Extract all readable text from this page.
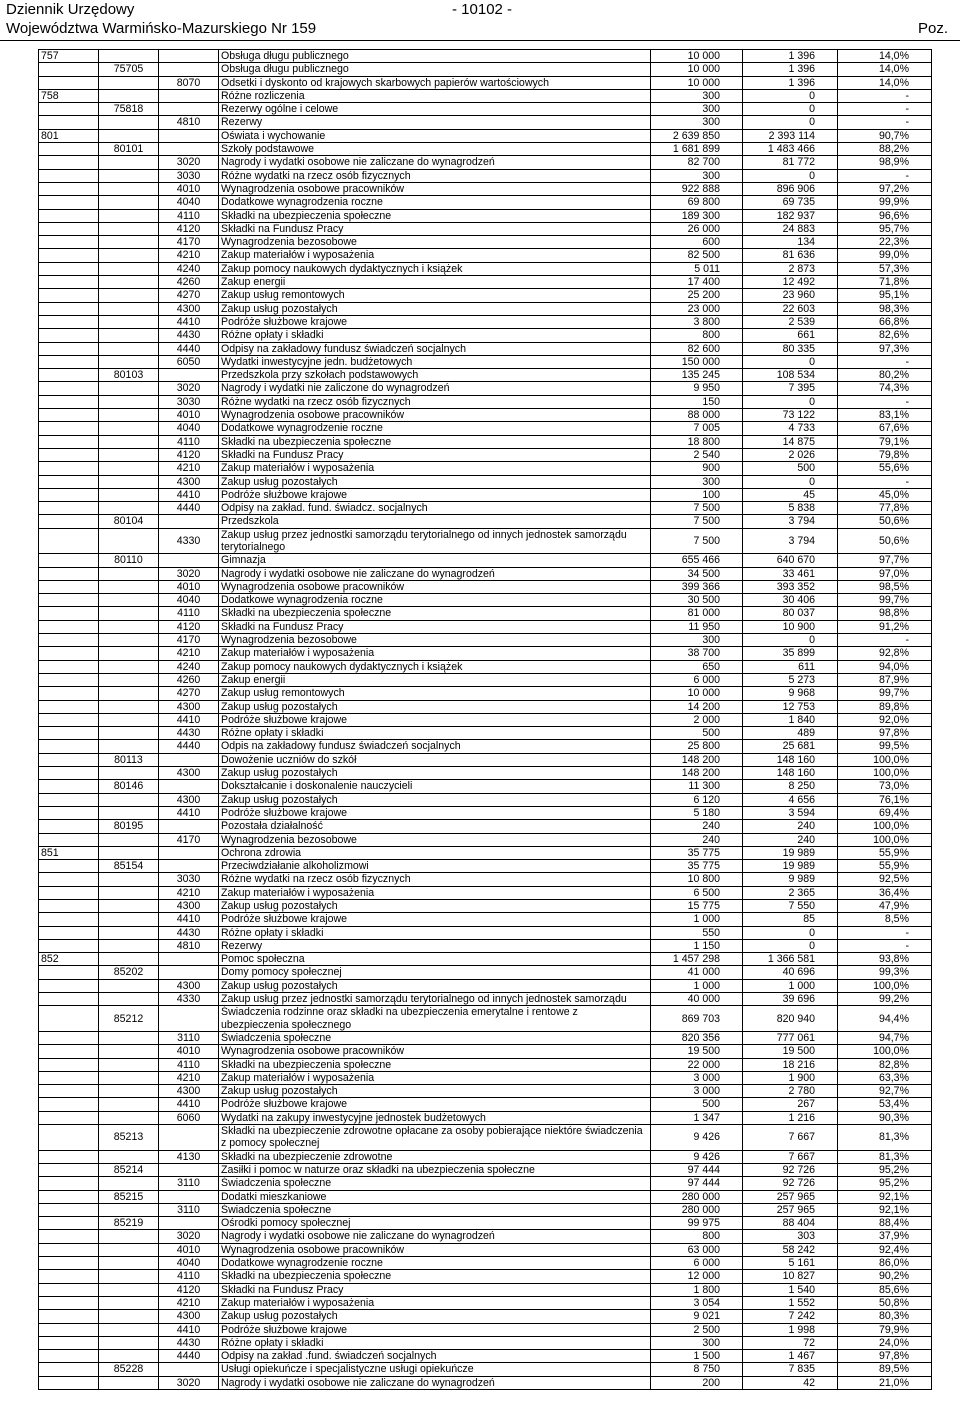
Dziennik Urzędowy
Województwa Warmińsko-Mazurskiego Nr 159
- 10102 -
Poz.
757			Obsługa długu publicznego	10 000	1 396	14,0%
	75705		Obsługa długu publicznego	10 000	1 396	14,0%
		8070	Odsetki i dyskonto od krajowych skarbowych papierów wartościowych	10 000	1 396	14,0%
758			Różne rozliczenia	300	0	-
	75818		Rezerwy ogólne i celowe	300	0	-
		4810	Rezerwy	300	0	-
801			Oświata i wychowanie	2 639 850	2 393 114	90,7%
	80101		Szkoły podstawowe	1 681 899	1 483 466	88,2%
		3020	Nagrody i wydatki osobowe nie zaliczane do wynagrodzeń	82 700	81 772	98,9%
		3030	Różne wydatki na rzecz osób fizycznych	300	0	-
		4010	Wynagrodzenia osobowe pracowników	922 888	896 906	97,2%
		4040	Dodatkowe wynagrodzenia roczne	69 800	69 735	99,9%
		4110	Składki na ubezpieczenia społeczne	189 300	182 937	96,6%
		4120	Składki na Fundusz Pracy	26 000	24 883	95,7%
		4170	Wynagrodzenia bezosobowe	600	134	22,3%
		4210	Zakup materiałów i wyposażenia	82 500	81 636	99,0%
		4240	Zakup pomocy naukowych dydaktycznych i książek	5 011	2 873	57,3%
		4260	Zakup energii	17 400	12 492	71,8%
		4270	Zakup usług remontowych	25 200	23 960	95,1%
		4300	Zakup usług pozostałych	23 000	22 603	98,3%
		4410	Podróże służbowe krajowe	3 800	2 539	66,8%
		4430	Różne opłaty i składki	800	661	82,6%
		4440	Odpisy na zakładowy fundusz świadczeń socjalnych	82 600	80 335	97,3%
		6050	Wydatki inwestycyjne jedn. budżetowych	150 000	0	-
	80103		Przedszkola przy szkołach podstawowych	135 245	108 534	80,2%
		3020	Nagrody i wydatki nie zaliczone do wynagrodzeń	9 950	7 395	74,3%
		3030	Różne wydatki na rzecz osób fizycznych	150	0	-
		4010	Wynagrodzenia osobowe pracowników	88 000	73 122	83,1%
		4040	Dodatkowe wynagrodzenie roczne	7 005	4 733	67,6%
		4110	Składki na ubezpieczenia społeczne	18 800	14 875	79,1%
		4120	Składki na Fundusz Pracy	2 540	2 026	79,8%
		4210	Zakup materiałów i wyposażenia	900	500	55,6%
		4300	Zakup usług pozostałych	300	0	-
		4410	Podróże służbowe krajowe	100	45	45,0%
		4440	Odpisy na zakład. fund. świadcz. socjalnych	7 500	5 838	77,8%
	80104		Przedszkola	7 500	3 794	50,6%
		4330	Zakup usług przez jednostki samorządu terytorialnego od innych jednostek samorządu terytorialnego	7 500	3 794	50,6%
	80110		Gimnazja	655 466	640 670	97,7%
		3020	Nagrody i wydatki osobowe nie zaliczane do wynagrodzeń	34 500	33 461	97,0%
		4010	Wynagrodzenia osobowe pracowników	399 366	393 352	98,5%
		4040	Dodatkowe wynagrodzenia roczne	30 500	30 406	99,7%
		4110	Składki na ubezpieczenia społeczne	81 000	80 037	98,8%
		4120	Składki na Fundusz Pracy	11 950	10 900	91,2%
		4170	Wynagrodzenia bezosobowe	300	0	-
		4210	Zakup materiałów i wyposażenia	38 700	35 899	92,8%
		4240	Zakup pomocy naukowych dydaktycznych i książek	650	611	94,0%
		4260	Zakup energii	6 000	5 273	87,9%
		4270	Zakup usług remontowych	10 000	9 968	99,7%
		4300	Zakup usług pozostałych	14 200	12 753	89,8%
		4410	Podróże służbowe krajowe	2 000	1 840	92,0%
		4430	Różne opłaty i składki	500	489	97,8%
		4440	Odpis na zakładowy fundusz świadczeń socjalnych	25 800	25 681	99,5%
	80113		Dowożenie uczniów do szkół	148 200	148 160	100,0%
		4300	Zakup usług pozostałych	148 200	148 160	100,0%
	80146		Dokształcanie i doskonalenie nauczycieli	11 300	8 250	73,0%
		4300	Zakup usług pozostałych	6 120	4 656	76,1%
		4410	Podróże służbowe krajowe	5 180	3 594	69,4%
	80195		Pozostała działalność	240	240	100,0%
		4170	Wynagrodzenia bezosobowe	240	240	100,0%
851			Ochrona zdrowia	35 775	19 989	55,9%
	85154		Przeciwdziałanie alkoholizmowi	35 775	19 989	55,9%
		3030	Różne wydatki na rzecz osób fizycznych	10 800	9 989	92,5%
		4210	Zakup materiałów i wyposażenia	6 500	2 365	36,4%
		4300	Zakup usług pozostałych	15 775	7 550	47,9%
		4410	Podróże służbowe krajowe	1 000	85	8,5%
		4430	Różne opłaty i składki	550	0	-
		4810	Rezerwy	1 150	0	-
852			Pomoc społeczna	1 457 298	1 366 581	93,8%
	85202		Domy pomocy społecznej	41 000	40 696	99,3%
		4300	Zakup usług pozostałych	1 000	1 000	100,0%
		4330	Zakup usług przez jednostki samorządu terytorialnego od innych jednostek samorządu	40 000	39 696	99,2%
	85212		Świadczenia rodzinne oraz składki na ubezpieczenia emerytalne i rentowe z ubezpieczenia społecznego	869 703	820 940	94,4%
		3110	Świadczenia społeczne	820 356	777 061	94,7%
		4010	Wynagrodzenia osobowe pracowników	19 500	19 500	100,0%
		4110	Składki na ubezpieczenia społeczne	22 000	18 216	82,8%
		4210	Zakup materiałów i wyposażenia	3 000	1 900	63,3%
		4300	Zakup usług pozostałych	3 000	2 780	92,7%
		4410	Podróże służbowe krajowe	500	267	53,4%
		6060	Wydatki na zakupy inwestycyjne jednostek budżetowych	1 347	1 216	90,3%
	85213		Składki na ubezpieczenie zdrowotne opłacane za osoby pobierające niektóre świadczenia z pomocy społecznej	9 426	7 667	81,3%
		4130	Składki na ubezpieczenie zdrowotne	9 426	7 667	81,3%
	85214		Zasiłki i pomoc w naturze oraz składki na ubezpieczenia społeczne	97 444	92 726	95,2%
		3110	Świadczenia społeczne	97 444	92 726	95,2%
	85215		Dodatki mieszkaniowe	280 000	257 965	92,1%
		3110	Świadczenia społeczne	280 000	257 965	92,1%
	85219		Ośrodki pomocy społecznej	99 975	88 404	88,4%
		3020	Nagrody i wydatki osobowe nie zaliczane do wynagrodzeń	800	303	37,9%
		4010	Wynagrodzenia osobowe pracowników	63 000	58 242	92,4%
		4040	Dodatkowe wynagrodzenie roczne	6 000	5 161	86,0%
		4110	Składki na ubezpieczenia społeczne	12 000	10 827	90,2%
		4120	Składki na Fundusz Pracy	1 800	1 540	85,6%
		4210	Zakup materiałów i wyposażenia	3 054	1 552	50,8%
		4300	Zakup usług pozostałych	9 021	7 242	80,3%
		4410	Podróże służbowe krajowe	2 500	1 998	79,9%
		4430	Różne opłaty i składki	300	72	24,0%
		4440	Odpisy na zakład .fund. świadczeń socjalnych	1 500	1 467	97,8%
	85228		Usługi opiekuńcze i specjalistyczne usługi opiekuńcze	8 750	7 835	89,5%
		3020	Nagrody i wydatki osobowe nie zaliczane do wynagrodzeń	200	42	21,0%
